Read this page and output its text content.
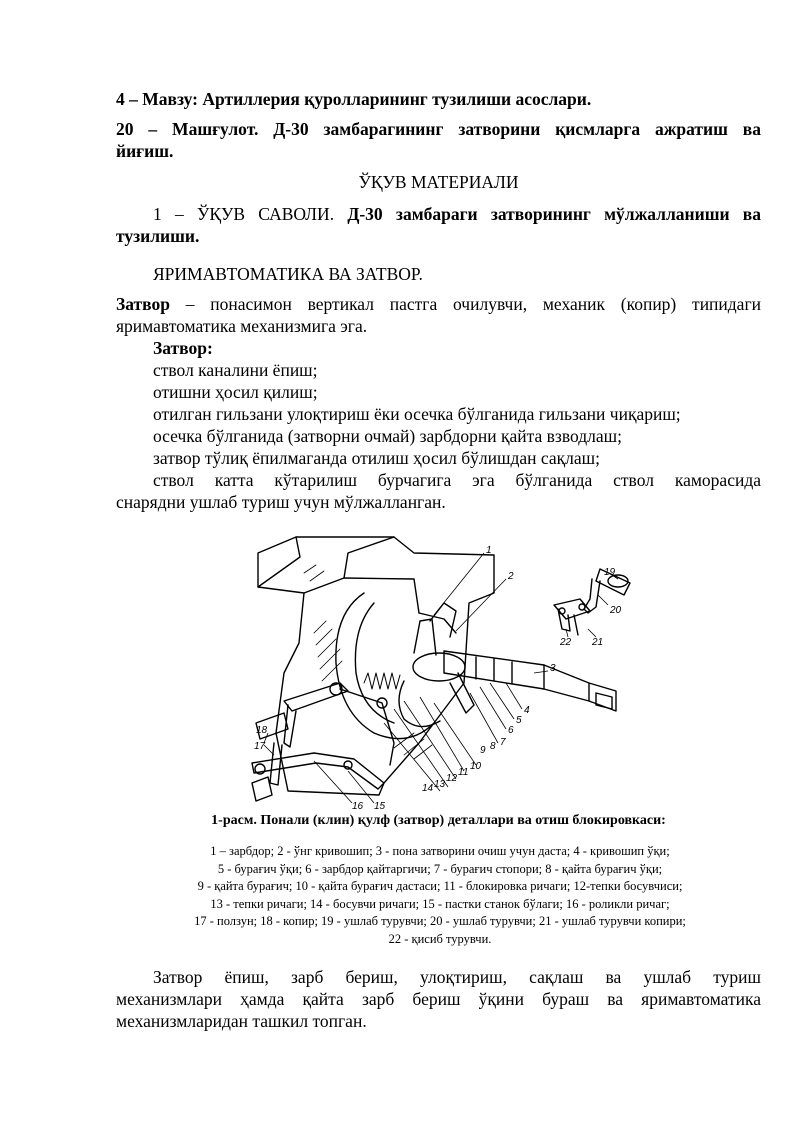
4 – Мавзу: Артиллерия қуролларининг тузилиши асослари.

20 – Машғулот. Д-30 замбарагининг затворини қисмларга ажратиш ва

йиғиш.

ЎҚУВ МАТЕРИАЛИ

1 – ЎҚУВ САВОЛИ. Д-30 замбараги затворининг мўлжалланиши ва

тузилиши.

ЯРИМАВТОМАТИКА ВА ЗАТВОР.

Затвор – понасимон вертикал пастга очилувчи, механик (копир) типидаги

яримавтоматика механизмига эга.

Затвор:

ствол каналини ёпиш;

отишни ҳосил қилиш;

отилган гильзани улоқтириш ёки осечка бўлганида гильзани чиқариш;

осечка бўлганида (затворни очмай) зарбдорни қайта взводлаш;

затвор тўлиқ ёпилмаганда отилиш ҳосил бўлишдан сақлаш;

ствол катта кўтарилиш бурчагига эга бўлганида ствол каморасида

снарядни ушлаб туриш учун мўлжалланган.

1
2
3
4
5
6
7
8
9
10
11
12
13
14
15
16
17
18
19
20
21
22
1-расм. Понали (клин) қулф (затвор) деталлари ва отиш блокировкаси:
1 – зарбдор; 2 - ўнг кривошип; 3 - пона затворини очиш учун даста; 4 - кривошип ўқи;
5 - бурағич ўқи; 6 - зарбдор қайтаргичи; 7 - бурағич стопори; 8 - қайта бурағич ўқи;
9 - қайта бурағич; 10 - қайта бурағич дастаси; 11 - блокировка ричаги; 12-тепки босувчиси;
13 - тепки ричаги; 14 - босувчи ричаги; 15 - пастки станок бўлаги; 16 - роликли ричаг;
17 - ползун; 18 - копир; 19 - ушлаб турувчи; 20 - ушлаб турувчи; 21 - ушлаб турувчи копири;
22 - қисиб турувчи.

Затвор ёпиш, зарб бериш, улоқтириш, сақлаш ва ушлаб туриш

механизмлари ҳамда қайта зарб бериш ўқини бураш ва яримавтоматика

механизмларидан ташкил топган.
